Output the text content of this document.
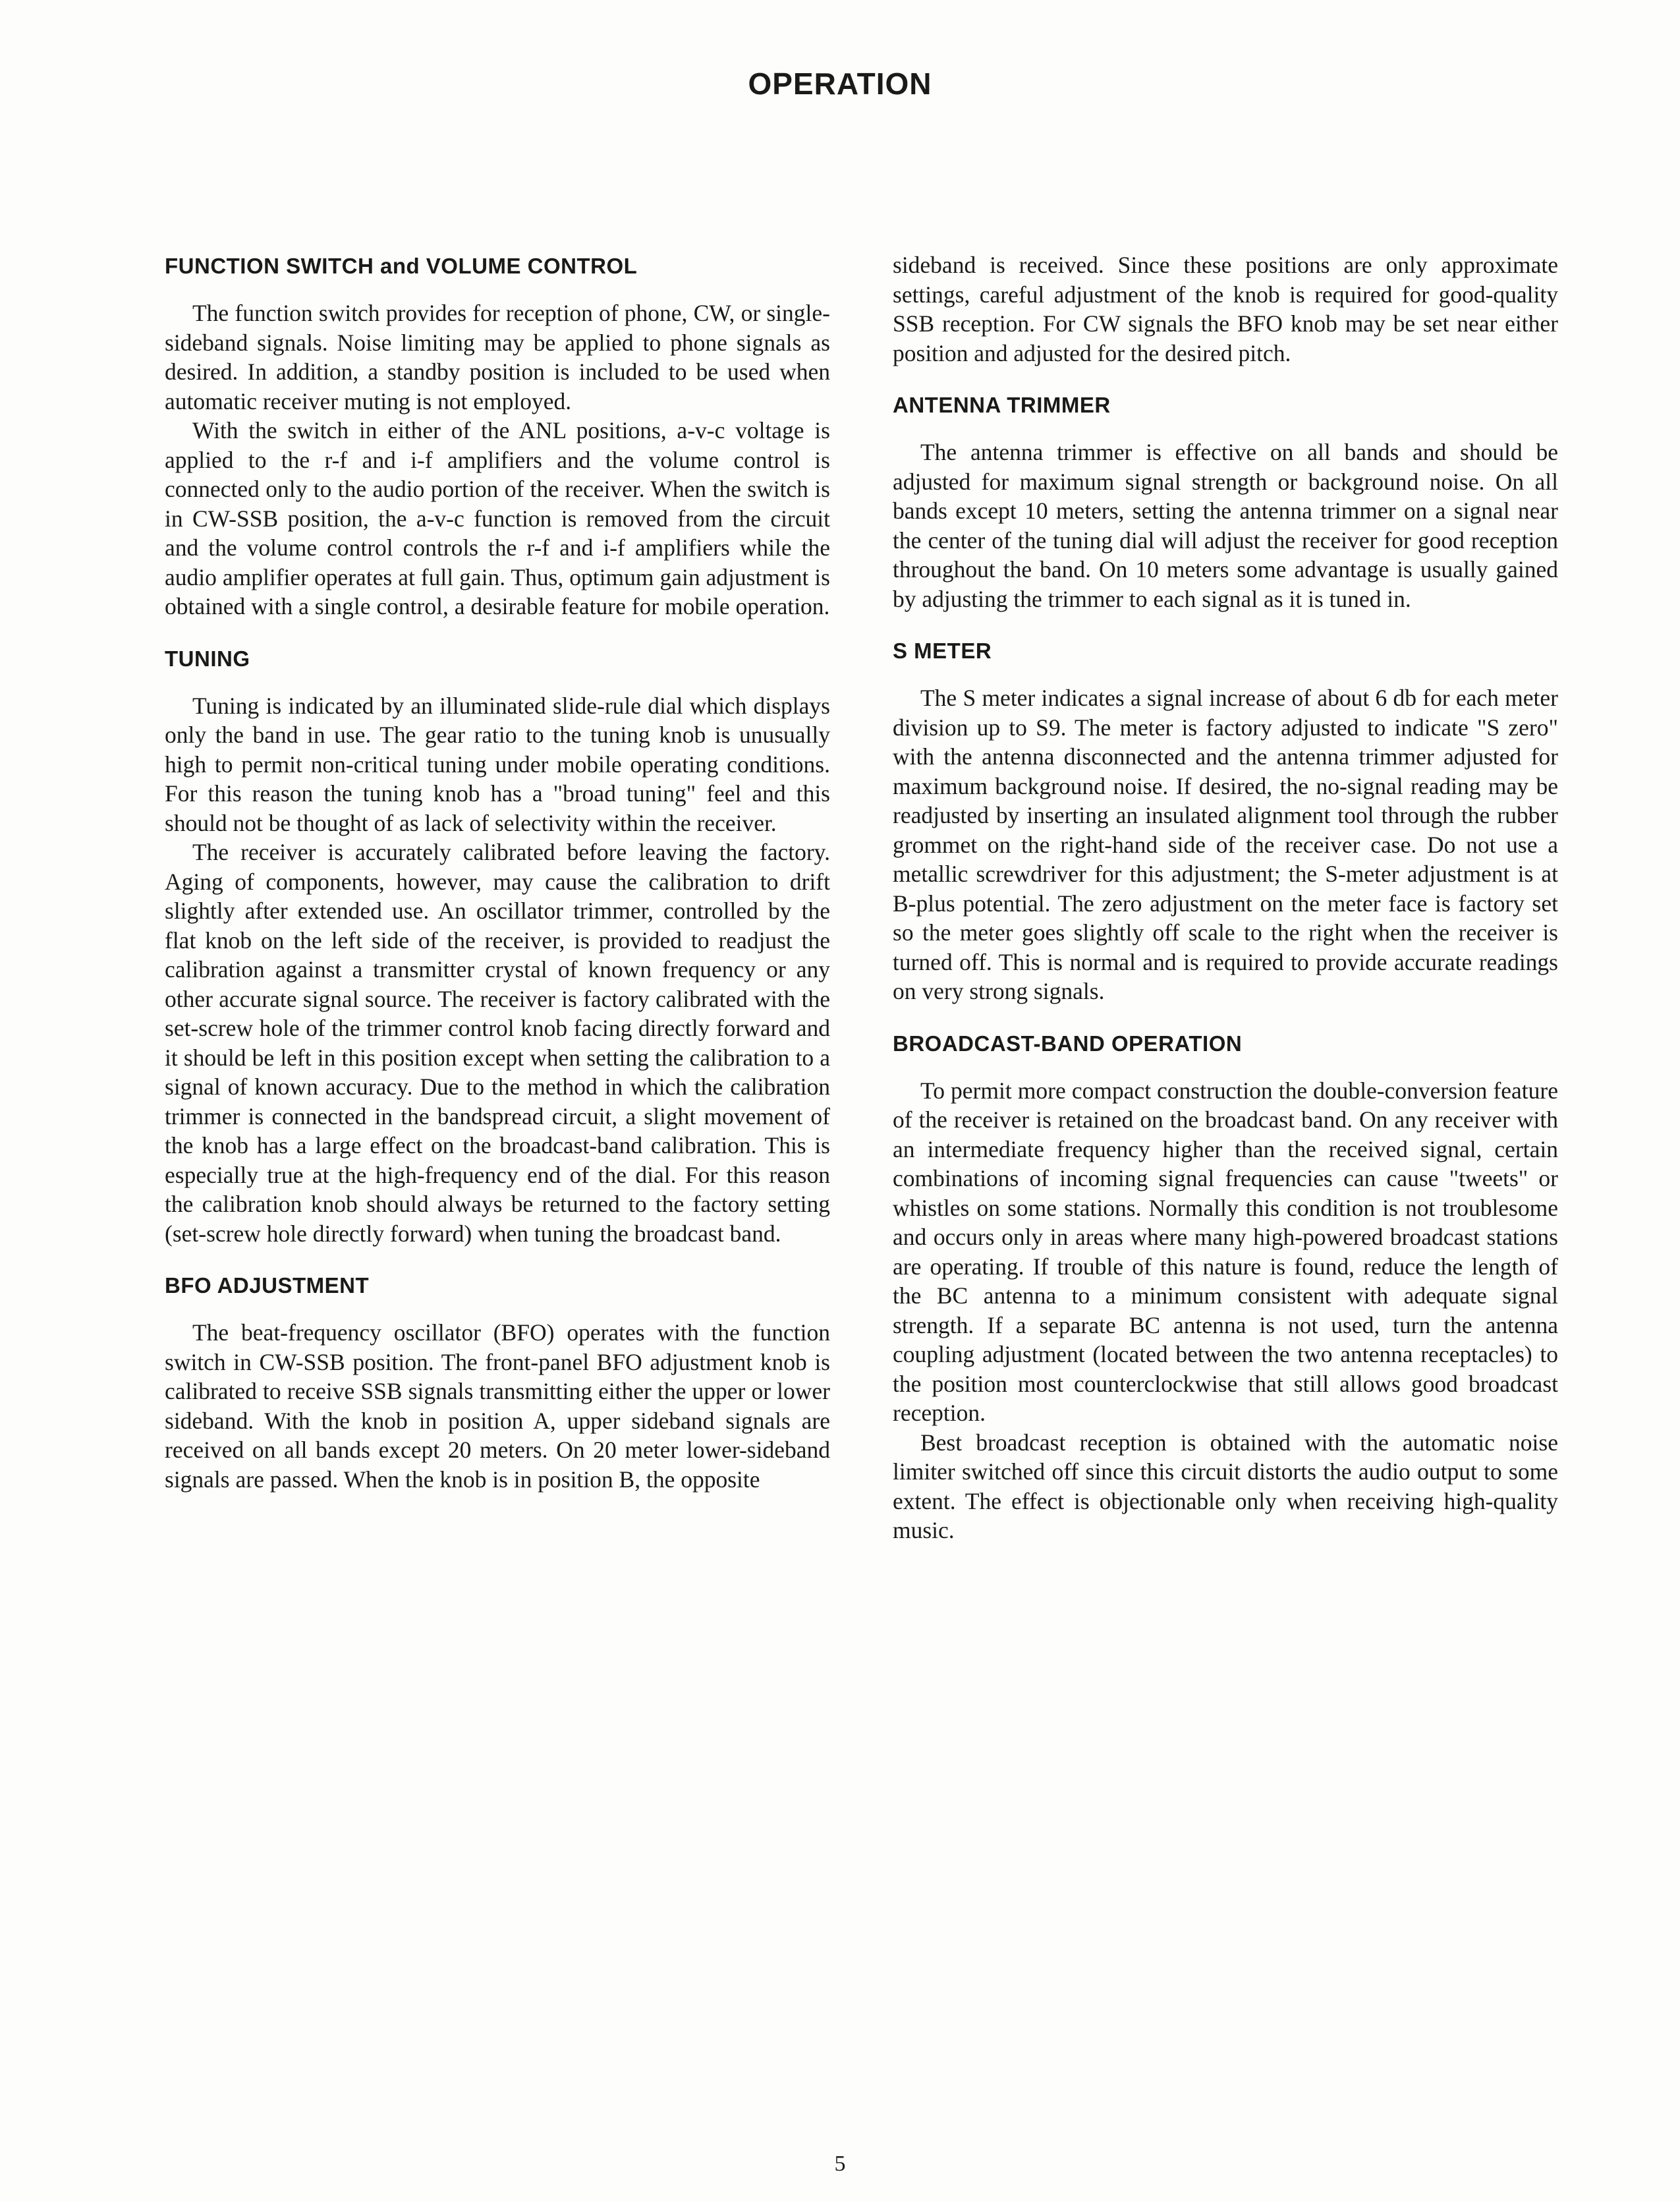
OPERATION
FUNCTION SWITCH and VOLUME CONTROL

The function switch provides for reception of phone, CW, or single-sideband signals. Noise limiting may be applied to phone signals as desired. In addition, a standby position is included to be used when automatic receiver muting is not employed.

With the switch in either of the ANL positions, a-v-c voltage is applied to the r-f and i-f amplifiers and the volume control is connected only to the audio portion of the receiver. When the switch is in CW-SSB position, the a-v-c function is removed from the circuit and the volume control controls the r-f and i-f amplifiers while the audio amplifier operates at full gain. Thus, optimum gain adjustment is obtained with a single control, a desirable feature for mobile operation.

TUNING

Tuning is indicated by an illuminated slide-rule dial which displays only the band in use. The gear ratio to the tuning knob is unusually high to permit non-critical tuning under mobile operating conditions. For this reason the tuning knob has a "broad tuning" feel and this should not be thought of as lack of selectivity within the receiver.

The receiver is accurately calibrated before leaving the factory. Aging of components, however, may cause the calibration to drift slightly after extended use. An oscillator trimmer, controlled by the flat knob on the left side of the receiver, is provided to readjust the calibration against a transmitter crystal of known frequency or any other accurate signal source. The receiver is factory calibrated with the set-screw hole of the trimmer control knob facing directly forward and it should be left in this position except when setting the calibration to a signal of known accuracy. Due to the method in which the calibration trimmer is connected in the bandspread circuit, a slight movement of the knob has a large effect on the broadcast-band calibration. This is especially true at the high-frequency end of the dial. For this reason the calibration knob should always be returned to the factory setting (set-screw hole directly forward) when tuning the broadcast band.

BFO ADJUSTMENT

The beat-frequency oscillator (BFO) operates with the function switch in CW-SSB position. The front-panel BFO adjustment knob is calibrated to receive SSB signals transmitting either the upper or lower sideband. With the knob in position A, upper sideband signals are received on all bands except 20 meters. On 20 meter lower-sideband signals are passed. When the knob is in position B, the opposite

sideband is received. Since these positions are only approximate settings, careful adjustment of the knob is required for good-quality SSB reception. For CW signals the BFO knob may be set near either position and adjusted for the desired pitch.

ANTENNA TRIMMER

The antenna trimmer is effective on all bands and should be adjusted for maximum signal strength or background noise. On all bands except 10 meters, setting the antenna trimmer on a signal near the center of the tuning dial will adjust the receiver for good reception throughout the band. On 10 meters some advantage is usually gained by adjusting the trimmer to each signal as it is tuned in.

S METER

The S meter indicates a signal increase of about 6 db for each meter division up to S9. The meter is factory adjusted to indicate "S zero" with the antenna disconnected and the antenna trimmer adjusted for maximum background noise. If desired, the no-signal reading may be readjusted by inserting an insulated alignment tool through the rubber grommet on the right-hand side of the receiver case. Do not use a metallic screwdriver for this adjustment; the S-meter adjustment is at B-plus potential. The zero adjustment on the meter face is factory set so the meter goes slightly off scale to the right when the receiver is turned off. This is normal and is required to provide accurate readings on very strong signals.

BROADCAST-BAND OPERATION

To permit more compact construction the double-conversion feature of the receiver is retained on the broadcast band. On any receiver with an intermediate frequency higher than the received signal, certain combinations of incoming signal frequencies can cause "tweets" or whistles on some stations. Normally this condition is not troublesome and occurs only in areas where many high-powered broadcast stations are operating. If trouble of this nature is found, reduce the length of the BC antenna to a minimum consistent with adequate signal strength. If a separate BC antenna is not used, turn the antenna coupling adjustment (located between the two antenna receptacles) to the position most counterclockwise that still allows good broadcast reception.

Best broadcast reception is obtained with the automatic noise limiter switched off since this circuit distorts the audio output to some extent. The effect is objectionable only when receiving high-quality music.

5
